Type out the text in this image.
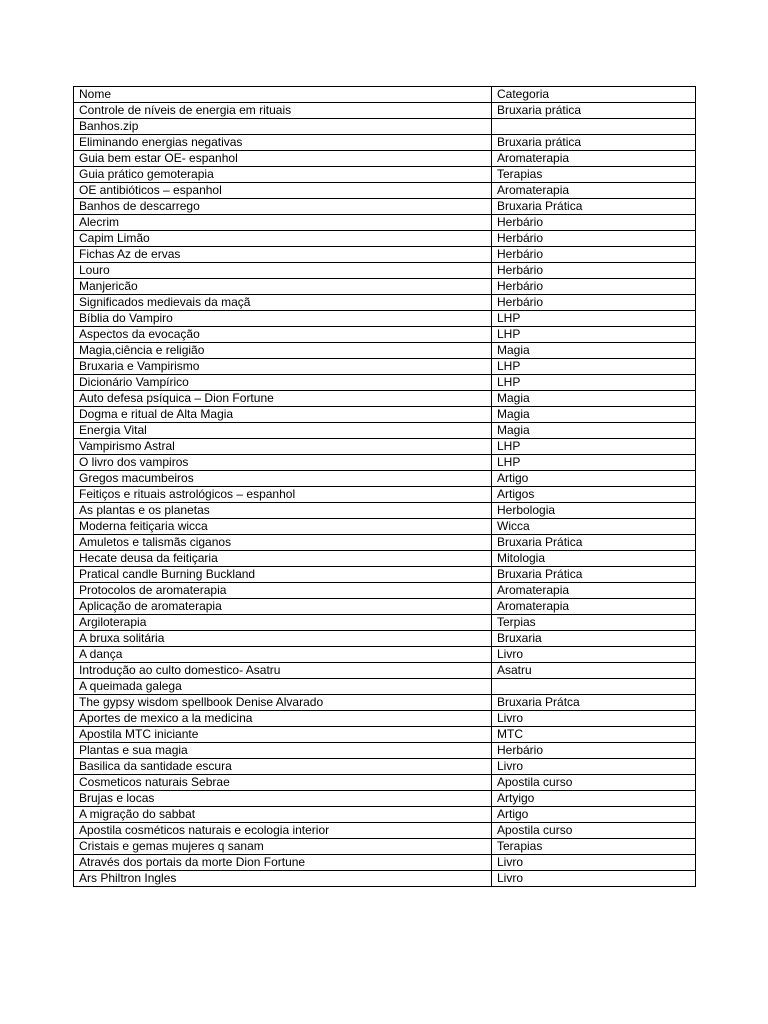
Nome	Categoria
Controle de níveis de energia em rituais	Bruxaria prática
Banhos.zip	
Eliminando energias negativas	Bruxaria prática
Guia bem estar OE- espanhol	Aromaterapia
Guia prático gemoterapia	Terapias
OE antibióticos – espanhol	Aromaterapia
Banhos de descarrego	Bruxaria Prática
Alecrim	Herbário
Capim Limão	Herbário
Fichas Az de ervas	Herbário
Louro	Herbário
Manjericão	Herbário
Significados medievais da maçã	Herbário
Bíblia do Vampiro	LHP
Aspectos da evocação	LHP
Magia,ciência e religião	Magia
Bruxaria e Vampirismo	LHP
Dicionário Vampírico	LHP
Auto defesa psíquica – Dion Fortune	Magia
Dogma e ritual de Alta Magia	Magia
Energia Vital	Magia
Vampirismo Astral	LHP
O livro dos vampiros	LHP
Gregos macumbeiros	Artigo
Feitiços e rituais astrológicos – espanhol	Artigos
As plantas e os planetas	Herbologia
Moderna feitiçaria wicca	Wicca
Amuletos e talismãs ciganos	Bruxaria Prática
Hecate deusa da feitiçaria	Mitologia
Pratical candle Burning Buckland	Bruxaria Prática
Protocolos de aromaterapia	Aromaterapia
Aplicação de aromaterapia	Aromaterapia
Argiloterapia	Terpias
A bruxa solitária	Bruxaria
A dança	Livro
Introdução ao culto domestico- Asatru	Asatru
A queimada galega	
The gypsy wisdom spellbook Denise Alvarado	Bruxaria Prátca
Aportes de mexico a la medicina	Livro
Apostila MTC iniciante	MTC
Plantas e sua magia	Herbário
Basilica da santidade escura	Livro
Cosmeticos naturais Sebrae	Apostila curso
Brujas e locas	Artyigo
A migração do sabbat	Artigo
Apostila cosméticos naturais e ecologia interior	Apostila curso
Cristais e gemas mujeres q sanam	Terapias
Através dos portais da morte Dion Fortune	Livro
Ars Philtron Ingles	Livro
